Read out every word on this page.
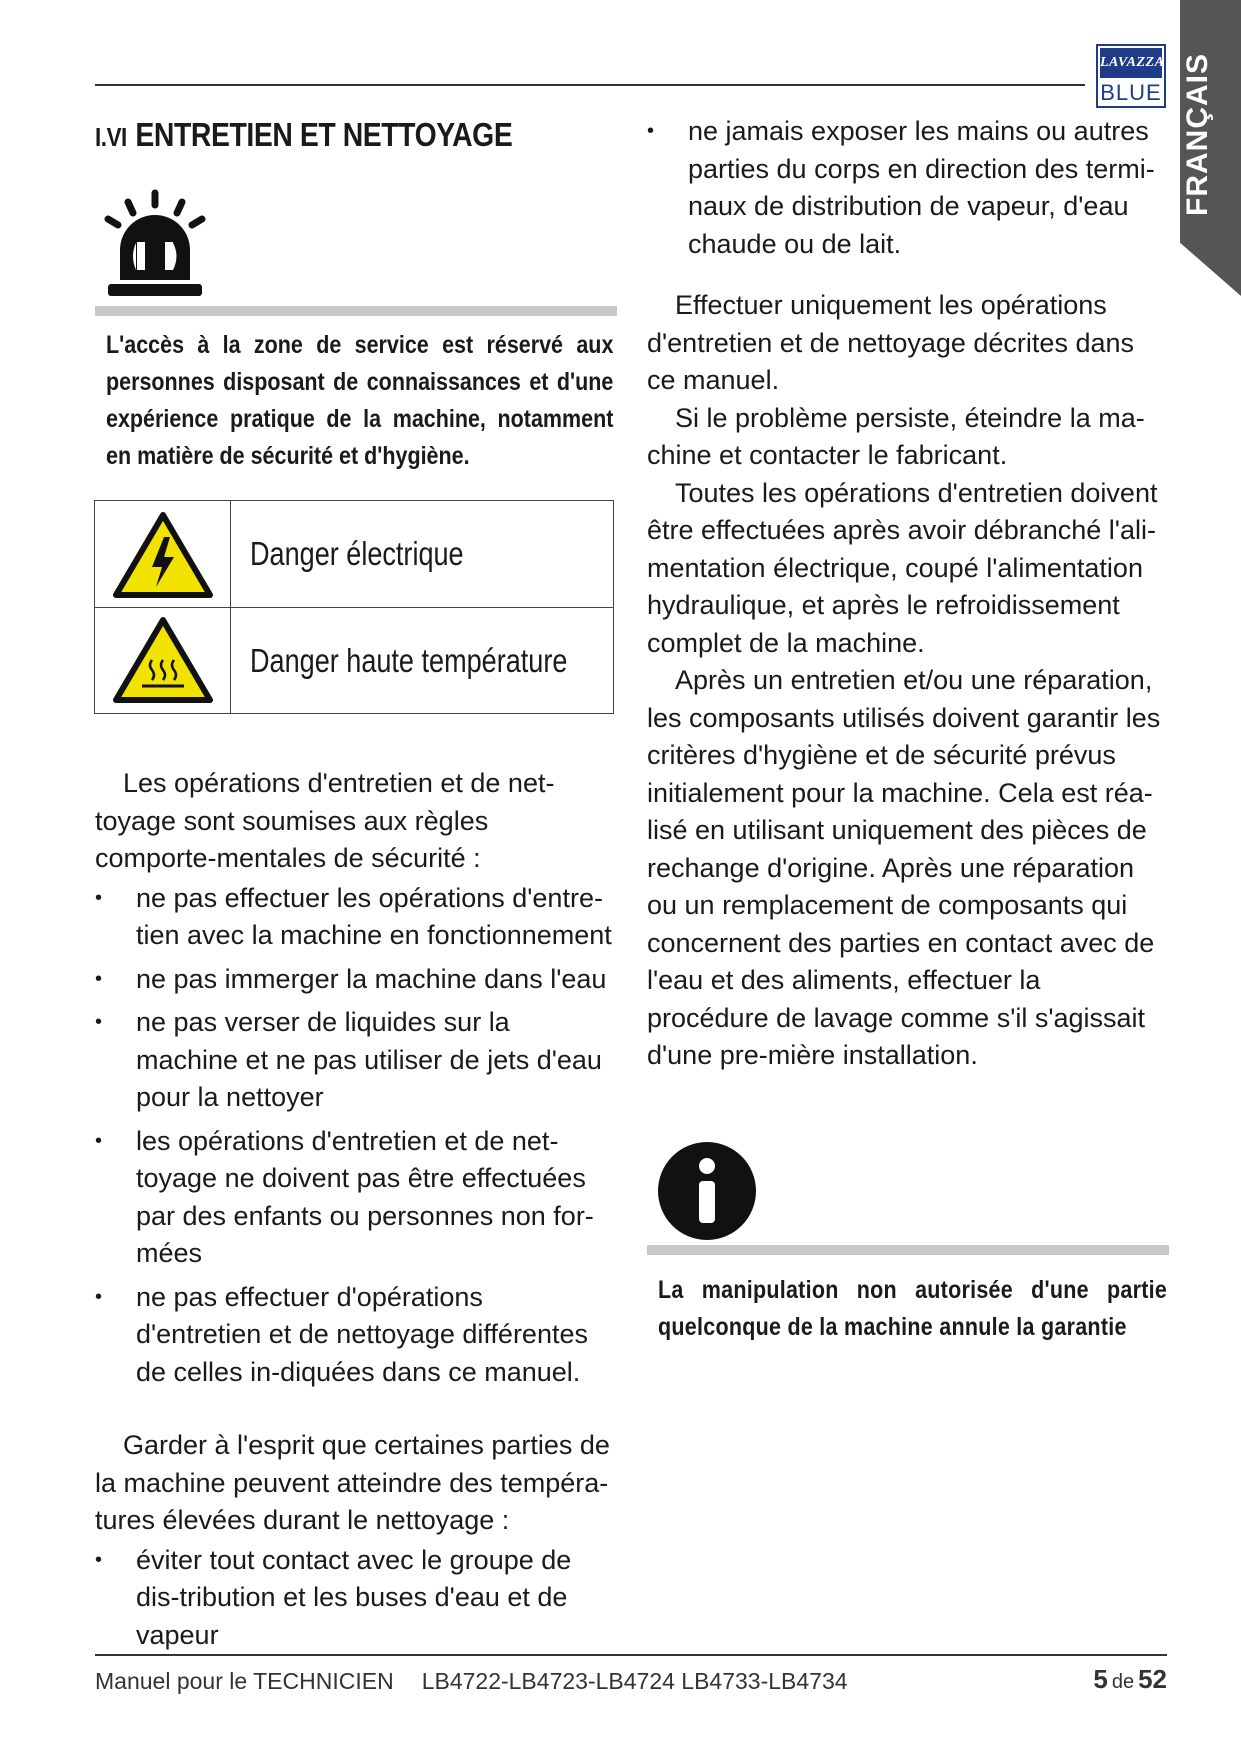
LAVAZZA
BLUE FRANÇAIS
I.VI ENTRETIEN ET NETTOYAGE
L'accès à la zone de service est réservé aux personnes disposant de connaissances et d'une expérience pratique de la machine, notamment en matière de sécurité et d'hygiène.
Danger électrique
Danger haute température
Les opérations d'entretien et de net-toyage sont soumises aux règles comporte-mentales de sécurité :
• ne pas effectuer les opérations d'entre-tien avec la machine en fonctionnement
• ne pas immerger la machine dans l'eau
• ne pas verser de liquides sur la machine et ne pas utiliser de jets d'eau pour la nettoyer
• les opérations d'entretien et de net-toyage ne doivent pas être effectuées par des enfants ou personnes non for-mées
• ne pas effectuer d'opérations d'entretien et de nettoyage différentes de celles in-diquées dans ce manuel.
Garder à l'esprit que certaines parties de la machine peuvent atteindre des tempéra-tures élevées durant le nettoyage :
• éviter tout contact avec le groupe de dis-tribution et les buses d'eau et de vapeur
• ne jamais exposer les mains ou autres parties du corps en direction des termi-naux de distribution de vapeur, d'eau chaude ou de lait.
Effectuer uniquement les opérations d'entretien et de nettoyage décrites dans ce manuel.
Si le problème persiste, éteindre la ma-chine et contacter le fabricant.
Toutes les opérations d'entretien doivent être effectuées après avoir débranché l'ali-mentation électrique, coupé l'alimentation hydraulique, et après le refroidissement complet de la machine.
Après un entretien et/ou une réparation, les composants utilisés doivent garantir les critères d'hygiène et de sécurité prévus initialement pour la machine. Cela est réa-lisé en utilisant uniquement des pièces de rechange d'origine. Après une réparation ou un remplacement de composants qui concernent des parties en contact avec de l'eau et des aliments, effectuer la procédure de lavage comme s'il s'agissait d'une pre-mière installation.
La manipulation non autorisée d'une partie quelconque de la machine annule la garantie
Manuel pour le TECHNICIEN LB4722-LB4723-LB4724 LB4733-LB4734	5 de 52
